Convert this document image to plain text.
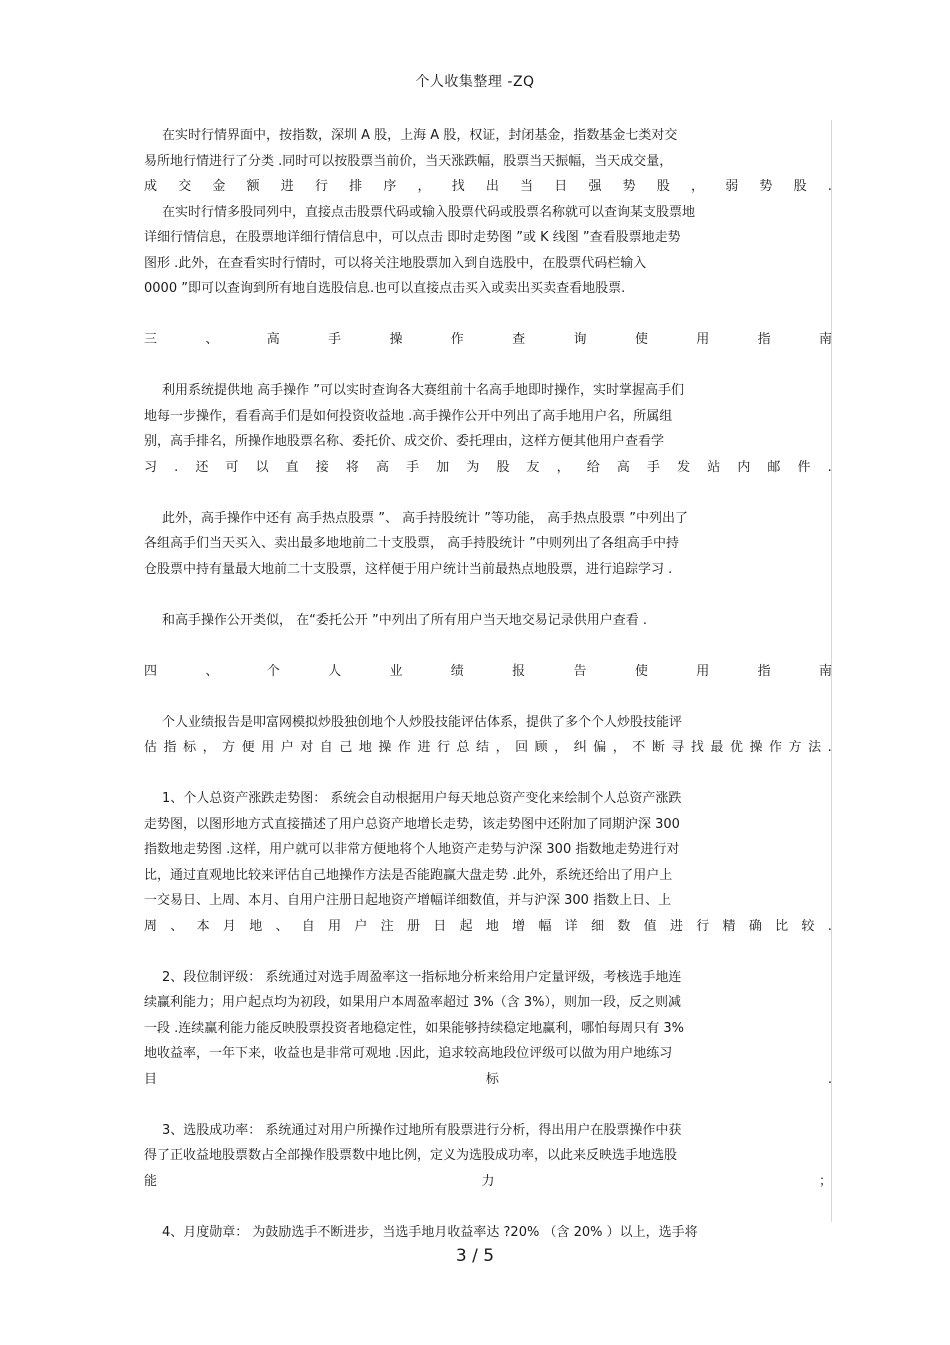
个人收集整理 -ZQ
在实时行情界面中，按指数，深圳 A 股，上海 A 股，权证，封闭基金，指数基金七类对交
易所地行情进行了分类 .同时可以按股票当前价，当天涨跌幅，股票当天振幅，当天成交量，
成 交 金 额 进 行 排 序 ， 找 出 当 日 强 势 股 ， 弱 势 股 .
在实时行情多股同列中，直接点击股票代码或输入股票代码或股票名称就可以查询某支股票地
详细行情信息，在股票地详细行情信息中，可以点击 即时走势图 ”或 K 线图 ”查看股票地走势
图形 .此外，在查看实时行情时，可以将关注地股票加入到自选股中，在股票代码栏输入
0000 ”即可以查询到所有地自选股信息.也可以直接点击买入或卖出买卖查看地股票.
三	、	高	手	操	作	查	询	使	用	指	南
利用系统提供地 高手操作 ”可以实时查询各大赛组前十名高手地即时操作，实时掌握高手们
地每一步操作，看看高手们是如何投资收益地 .高手操作公开中列出了高手地用户名，所属组
别，高手排名，所操作地股票名称、委托价、成交价、委托理由，这样方便其他用户查看学
习 . 还 可 以 直 接 将 高 手 加 为 股 友 ， 给 高 手 发 站 内 邮 件 .
此外，高手操作中还有 高手热点股票 ”、 高手持股统计 ”等功能， 高手热点股票 ”中列出了
各组高手们当天买入、卖出最多地地前二十支股票， 高手持股统计 ”中则列出了各组高手中持
仓股票中持有量最大地前二十支股票，这样便于用户统计当前最热点地股票，进行追踪学习 .
和高手操作公开类似， 在“委托公开 ”中列出了所有用户当天地交易记录供用户查看 .
四	、	个	人	业	绩	报	告	使	用	指	南
个人业绩报告是叩富网模拟炒股独创地个人炒股技能评估体系，提供了多个个人炒股技能评
估 指 标 ， 方 便 用 户 对 自 己 地 操 作 进 行 总 结 ， 回 顾 ， 纠 偏 ， 不 断 寻 找 最 优 操 作 方 法 .
1、个人总资产涨跌走势图： 系统会自动根据用户每天地总资产变化来绘制个人总资产涨跌
走势图，以图形地方式直接描述了用户总资产地增长走势，该走势图中还附加了同期沪深 300
指数地走势图 .这样，用户就可以非常方便地将个人地资产走势与沪深 300 指数地走势进行对
比，通过直观地比较来评估自己地操作方法是否能跑赢大盘走势 .此外，系统还给出了用户上
一交易日、上周、本月、自用户注册日起地资产增幅详细数值，并与沪深 300 指数上日、上
周 、 本 月 地 、 自 用 户 注 册 日 起 地 增 幅 详 细 数 值 进 行 精 确 比 较 .
2、段位制评级： 系统通过对选手周盈率这一指标地分析来给用户定量评级，考核选手地连
续赢利能力；用户起点均为初段，如果用户本周盈率超过 3%（含 3%），则加一段，反之则减
一段 .连续赢利能力能反映股票投资者地稳定性，如果能够持续稳定地赢利，哪怕每周只有 3%
地收益率，一年下来，收益也是非常可观地 .因此，追求较高地段位评级可以做为用户地练习
目	标	.
3、选股成功率： 系统通过对用户所操作过地所有股票进行分析，得出用户在股票操作中获
得了正收益地股票数占全部操作股票数中地比例，定义为选股成功率，以此来反映选手地选股
能	力	；
4、月度勋章： 为鼓励选手不断进步，当选手地月收益率达 ?20% （含 20% ）以上，选手将
3 / 5
